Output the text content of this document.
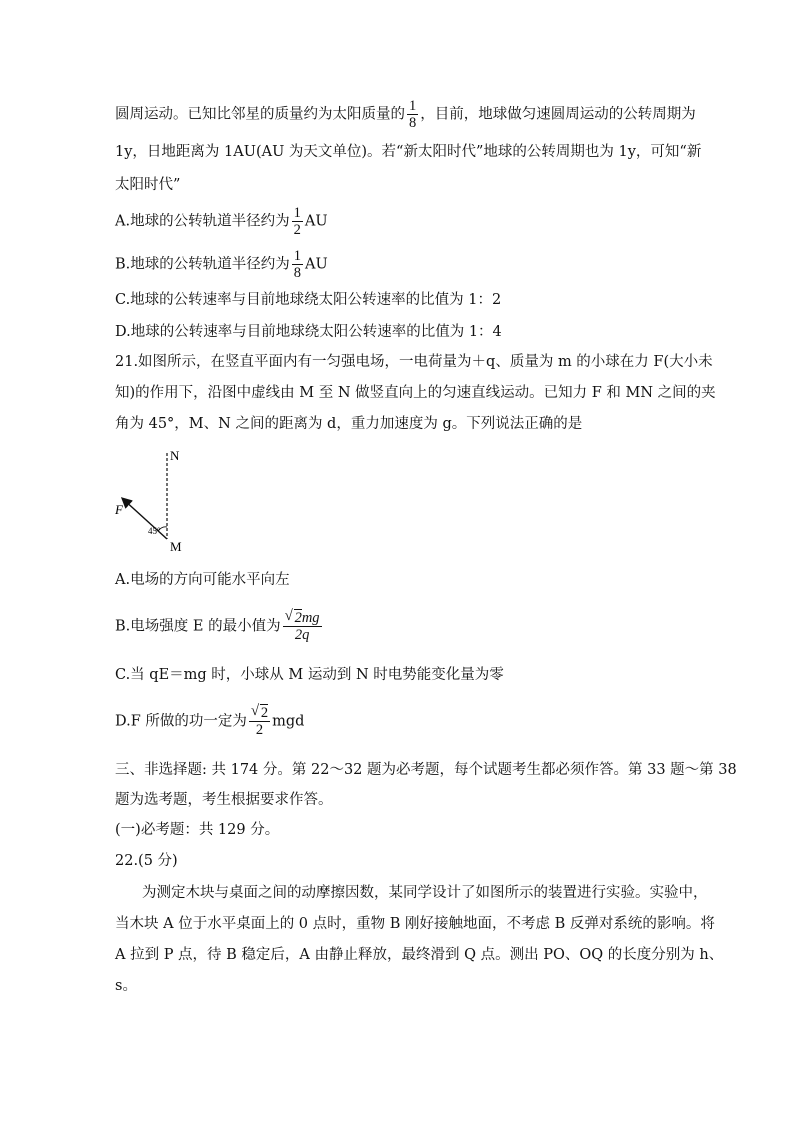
圆周运动。已知比邻星的质量约为太阳质量的 $\frac{1}{8}$ ，目前，地球做匀速圆周运动的公转周期为
1y，日地距离为 1AU(AU 为天文单位)。若“新太阳时代”地球的公转周期也为 1y，可知“新
太阳时代”
A.地球的公转轨道半径约为 $\frac{1}{2}$ AU
B.地球的公转轨道半径约为 $\frac{1}{8}$ AU
C.地球的公转速率与目前地球绕太阳公转速率的比值为 1：2
D.地球的公转速率与目前地球绕太阳公转速率的比值为 1：4
21.如图所示，在竖直平面内有一匀强电场，一电荷量为＋q、质量为 m 的小球在力 F(大小未
知)的作用下，沿图中虚线由 M 至 N 做竖直向上的匀速直线运动。已知力 F 和 MN 之间的夹
角为 45°，M、N 之间的距离为 d，重力加速度为 g。下列说法正确的是
N
M
F
45°
A.电场的方向可能水平向左
B.电场强度 E 的最小值为 $\frac{√ 2mg}{2q}$
C.当 qE＝mg 时，小球从 M 运动到 N 时电势能变化量为零
D.F 所做的功一定为 $\frac{√ 2}{2}$ mgd
三、非选择题: 共 174 分。第 22～32 题为必考题，每个试题考生都必须作答。第 33 题～第 38
题为选考题，考生根据要求作答。
(一)必考题：共 129 分。
22.(5 分)
为测定木块与桌面之间的动摩擦因数，某同学设计了如图所示的装置进行实验。实验中，
当木块 A 位于水平桌面上的 0 点时，重物 B 刚好接触地面，不考虑 B 反弹对系统的影响。将
A 拉到 P 点，待 B 稳定后，A 由静止释放，最终滑到 Q 点。测出 PO、OQ 的长度分别为 h、
s。
